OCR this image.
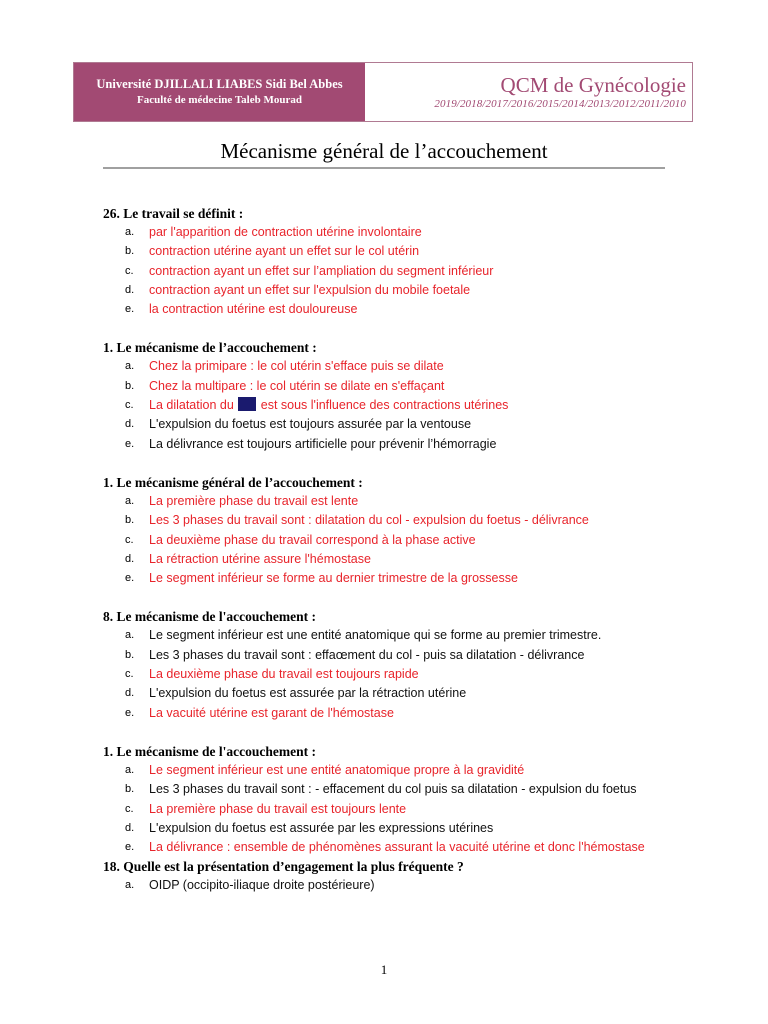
Université DJILLALI LIABES Sidi Bel Abbes
Faculté de médecine Taleb Mourad
QCM de Gynécologie
2019/2018/2017/2016/2015/2014/2013/2012/2011/2010
Mécanisme général de l’accouchement
26. Le travail se définit :
a.	par l'apparition de contraction utérine involontaire
b.	contraction utérine ayant un effet sur le col utérin
c.	contraction ayant un effet sur l’ampliation du segment inférieur
d.	contraction ayant un effet sur l'expulsion du mobile foetale
e.	la contraction utérine est douloureuse
1. Le mécanisme de l’accouchement :
a.	Chez la primipare : le col utérin s'efface puis se dilate
b.	Chez la multipare : le col utérin se dilate en s'effaçant
c.	La dilatation du  est sous l'influence des contractions utérines
d.	L'expulsion du foetus est toujours assurée par la ventouse
e.	La délivrance est toujours artificielle pour prévenir l’hémorragie
1. Le mécanisme général de l’accouchement :
a.	La première phase du travail est lente
b.	Les 3 phases du travail sont : dilatation du col - expulsion du foetus - délivrance
c.	La deuxième phase du travail correspond à la phase active
d.	La rétraction utérine assure l'hémostase
e.	Le segment inférieur se forme au dernier trimestre de la grossesse
8. Le mécanisme de l'accouchement :
a.	Le segment inférieur est une entité anatomique qui se forme au premier trimestre.
b.	Les 3 phases du travail sont : effaœment du col - puis sa dilatation - délivrance
c.	La deuxième phase du travail est toujours rapide
d.	L'expulsion du foetus est assurée par la rétraction utérine
e.	La vacuité utérine est garant de l'hémostase
1. Le mécanisme de l'accouchement :
a.	Le segment inférieur est une entité anatomique propre à la gravidité
b.	Les 3 phases du travail sont : - effacement du col puis sa dilatation - expulsion du foetus
c.	La première phase du travail est toujours lente
d.	L'expulsion du foetus est assurée par les expressions utérines
e.	La délivrance : ensemble de phénomènes assurant la vacuité utérine et donc l'hémostase
18. Quelle est la présentation d’engagement la plus fréquente ?
a.	OIDP (occipito-iliaque droite postérieure)
1
